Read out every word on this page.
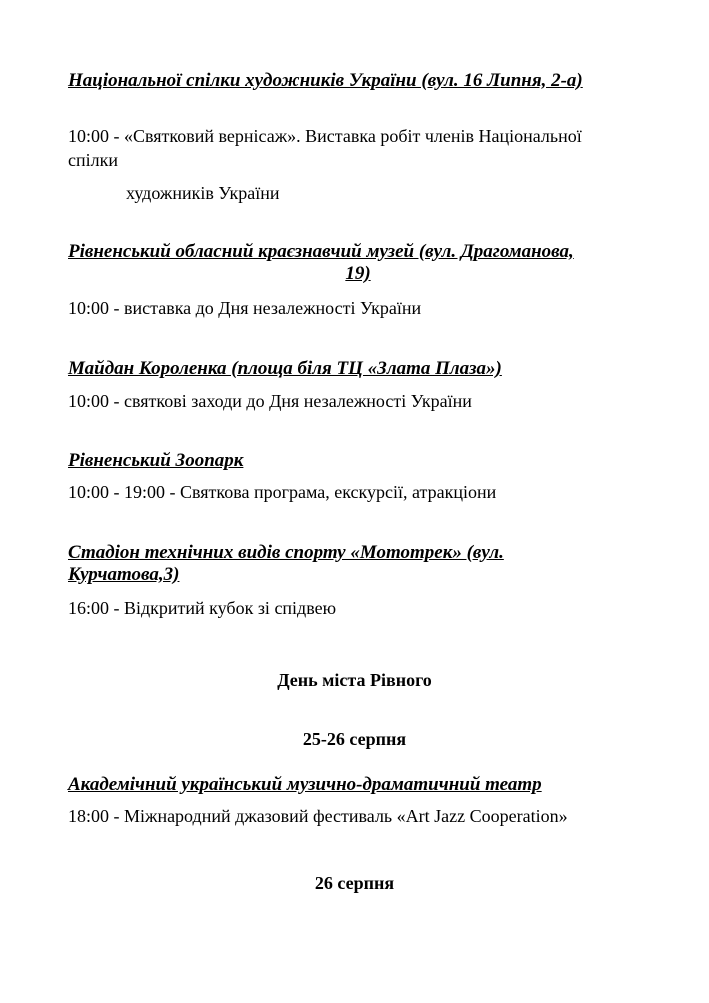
Національної спілки художників України (вул. 16 Липня, 2-а)

10:00 - «Святковий вернісаж». Виставка робіт членів Національної спілки

художників України

Рівненський обласний краєзнавчий музей (вул. Драгоманова,
19)

10:00 - виставка до Дня незалежності України

Майдан Короленка (площа біля ТЦ «Злата Плаза»)

10:00 - святкові заходи до Дня незалежності України

Рівненський Зоопарк

10:00 - 19:00 - Святкова програма, екскурсії, атракціони

Стадіон технічних видів спорту «Мототрек» (вул. Курчатова,3)

16:00 - Відкритий кубок зі спідвею

День міста Рівного

25-26 серпня

Академічний український музично-драматичний театр

18:00 - Міжнародний джазовий фестиваль «Art Jazz Cooperation»

26 серпня
